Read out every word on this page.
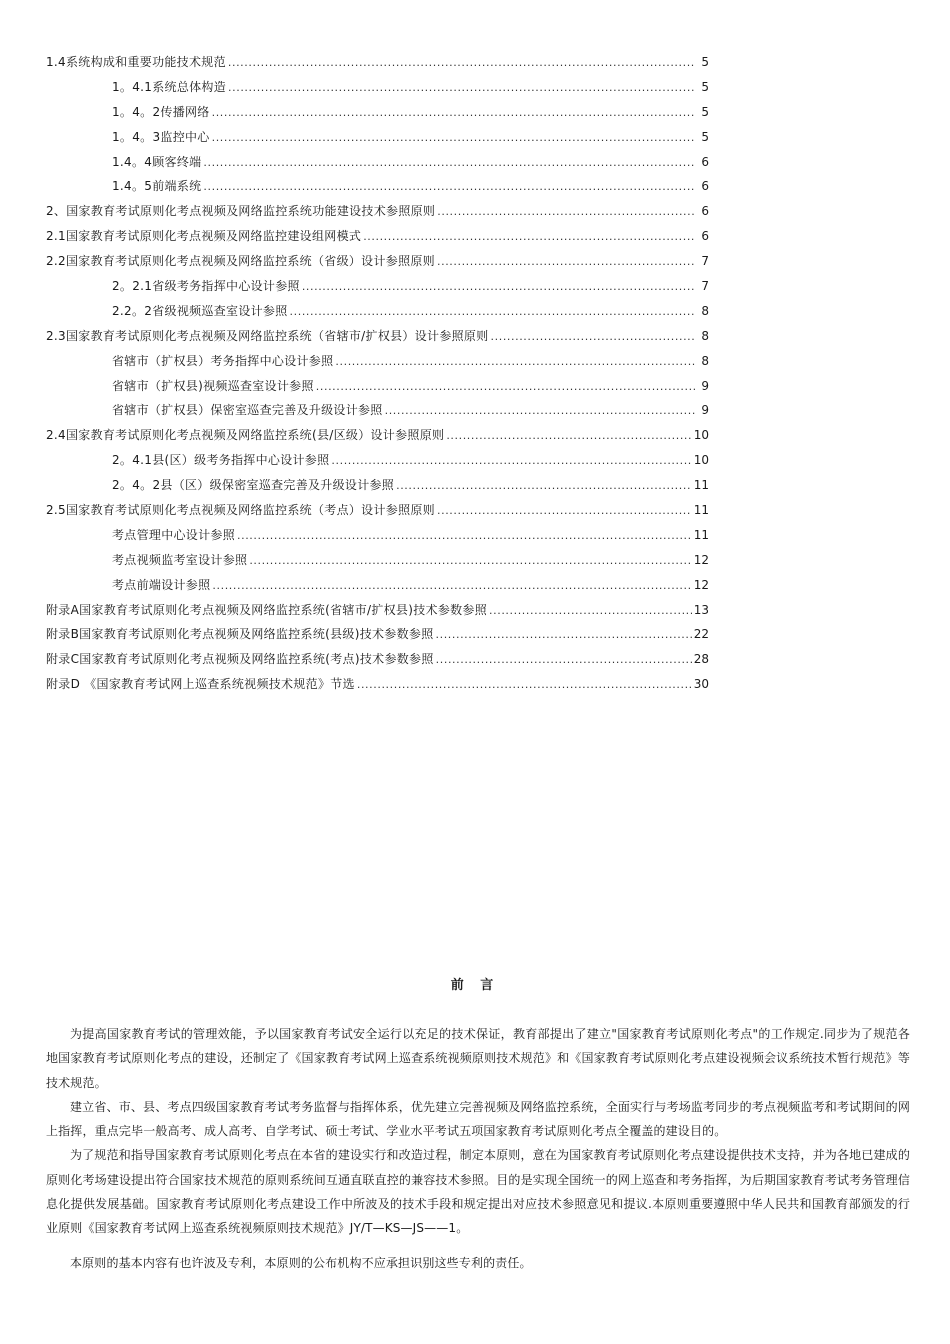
1.4系统构成和重要功能技术规范 .....	5
1。4.1系统总体构造 .....	5
1。4。2传播网络 .....	5
1。4。3监控中心 .....	5
1.4。4顾客终端 .....	6
1.4。5前端系统 .....	6
2、国家教育考试原则化考点视频及网络监控系统功能建设技术参照原则 .....	6
2.1国家教育考试原则化考点视频及网络监控建设组网模式 .....	6
2.2国家教育考试原则化考点视频及网络监控系统（省级）设计参照原则 .....	7
2。2.1省级考务指挥中心设计参照 .....	7
2.2。2省级视频巡查室设计参照 .....	8
2.3国家教育考试原则化考点视频及网络监控系统（省辖市/扩权县）设计参照原则 .....	8
省辖市（扩权县）考务指挥中心设计参照 .....	8
省辖市（扩权县)视频巡查室设计参照 .....	9
省辖市（扩权县）保密室巡查完善及升级设计参照 .....	9
2.4国家教育考试原则化考点视频及网络监控系统(县/区级）设计参照原则 .....	10
2。4.1县(区）级考务指挥中心设计参照 .....	10
2。4。2县（区）级保密室巡查完善及升级设计参照 .....	11
2.5国家教育考试原则化考点视频及网络监控系统（考点）设计参照原则 .....	11
考点管理中心设计参照 .....	11
考点视频监考室设计参照 .....	12
考点前端设计参照 .....	12
附录A国家教育考试原则化考点视频及网络监控系统(省辖市/扩权县)技术参数参照 .....	13
附录B国家教育考试原则化考点视频及网络监控系统(县级)技术参数参照 .....	22
附录C国家教育考试原则化考点视频及网络监控系统(考点)技术参数参照 .....	28
附录D 《国家教育考试网上巡查系统视频技术规范》节选 .....	30
前 言

为提高国家教育考试的管理效能，予以国家教育考试安全运行以充足的技术保证，教育部提出了建立"国家教育考试原则化考点"的工作规定.同步为了规范各地国家教育考试原则化考点的建设，还制定了《国家教育考试网上巡查系统视频原则技术规范》和《国家教育考试原则化考点建设视频会议系统技术暂行规范》等技术规范。

建立省、市、县、考点四级国家教育考试考务监督与指挥体系，优先建立完善视频及网络监控系统，全面实行与考场监考同步的考点视频监考和考试期间的网上指挥，重点完毕一般高考、成人高考、自学考试、硕士考试、学业水平考试五项国家教育考试原则化考点全覆盖的建设目的。

为了规范和指导国家教育考试原则化考点在本省的建设实行和改造过程，制定本原则，意在为国家教育考试原则化考点建设提供技术支持，并为各地已建成的原则化考场建设提出符合国家技术规范的原则系统间互通直联直控的兼容技术参照。目的是实现全国统一的网上巡查和考务指挥，为后期国家教育考试考务管理信息化提供发展基础。国家教育考试原则化考点建设工作中所波及的技术手段和规定提出对应技术参照意见和提议.本原则重要遵照中华人民共和国教育部颁发的行业原则《国家教育考试网上巡查系统视频原则技术规范》JY/T—KS—JS——1。

本原则的基本内容有也许波及专利，本原则的公布机构不应承担识别这些专利的责任。
